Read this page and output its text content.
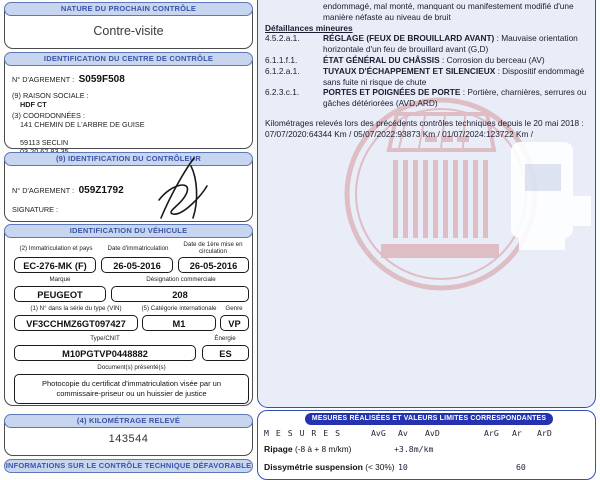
NATURE DU PROCHAIN CONTRÔLE
Contre-visite
IDENTIFICATION DU CENTRE DE CONTRÔLE
N° D'AGREMENT : S059F508
(9) RAISON SOCIALE :
HDF CT
(3) COORDONNÉES :
141 CHEMIN DE L'ARBRE DE GUISE
59113 SECLIN
(9) IDENTIFICATION DU CONTRÔLEUR
N° D'AGREMENT : 059Z1792
SIGNATURE :
IDENTIFICATION DU VÉHICULE
(2) Immatriculation et pays	Date d'immatriculation
Date de 1ère mise en circulation
EC-276-MK (F)	26-05-2016	26-05-2016
Marque	Désignation commerciale
PEUGEOT	208
(1) N° dans la série du type (VIN)	(5) Catégorie internationale	Genre
VF3CCHMZ6GT097427	M1	VP
Type/CNIT	Énergie
M10PGTVP0448882	ES
Document(s) présenté(s)
Photocopie du certificat d'immatriculation visée par un commissaire-priseur ou un huissier de justice
(4) KILOMÉTRAGE RELEVÉ
143544
INFORMATIONS SUR LE CONTRÔLE TECHNIQUE DÉFAVORABLE
endommagé, mal monté, manquant ou manifestement modifié d'une
manière néfaste au niveau de bruit
Défaillances mineures
4.5.2.a.1.	RÉGLAGE (FEUX DE BROUILLARD AVANT) : Mauvaise orientation horizontale d'un feu de brouillard avant (G,D)
6.1.1.f.1.	ÉTAT GÉNÉRAL DU CHÂSSIS : Corrosion du berceau (AV)
6.1.2.a.1.	TUYAUX D'ÉCHAPPEMENT ET SILENCIEUX : Dispositif endommagé sans fuite ni risque de chute
6.2.3.c.1.	PORTES ET POIGNÉES DE PORTE : Portière, charnières, serrures ou gâches détériorées (AVD,ARD)
Kilométrages relevés lors des précédents contrôles techniques depuis le 20 mai 2018 :
07/07/2020:64344 Km / 05/07/2022:93873 Km / 01/07/2024:123722 Km /
MESURES RÉALISÉES ET VALEURS LIMITES CORRESPONDANTES
M E S U R E S	AvG Av AvD	ArG Ar ArD
Ripage (-8 à + 8 m/km)	+3.8m/km
Dissymétrie suspension (< 30%) 10	60
